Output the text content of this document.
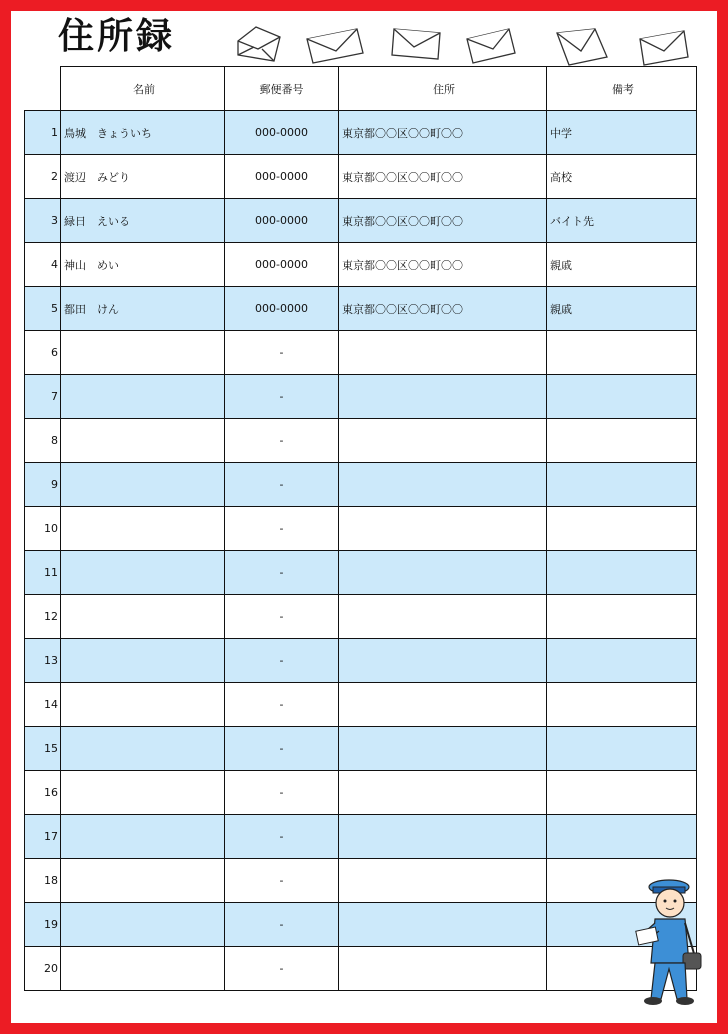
住所録
	名前	郵便番号	住所	備考
1	鳥城　きょういち	000-0000	東京都〇〇区〇〇町〇〇	中学
2	渡辺　みどり	000-0000	東京都〇〇区〇〇町〇〇	高校
3	緑日　えいる	000-0000	東京都〇〇区〇〇町〇〇	バイト先
4	神山　めい	000-0000	東京都〇〇区〇〇町〇〇	親戚
5	都田　けん	000-0000	東京都〇〇区〇〇町〇〇	親戚
6		-		
7		-		
8		-		
9		-		
10		-		
11		-		
12		-		
13		-		
14		-		
15		-		
16		-		
17		-		
18		-		
19		-		
20		-		
